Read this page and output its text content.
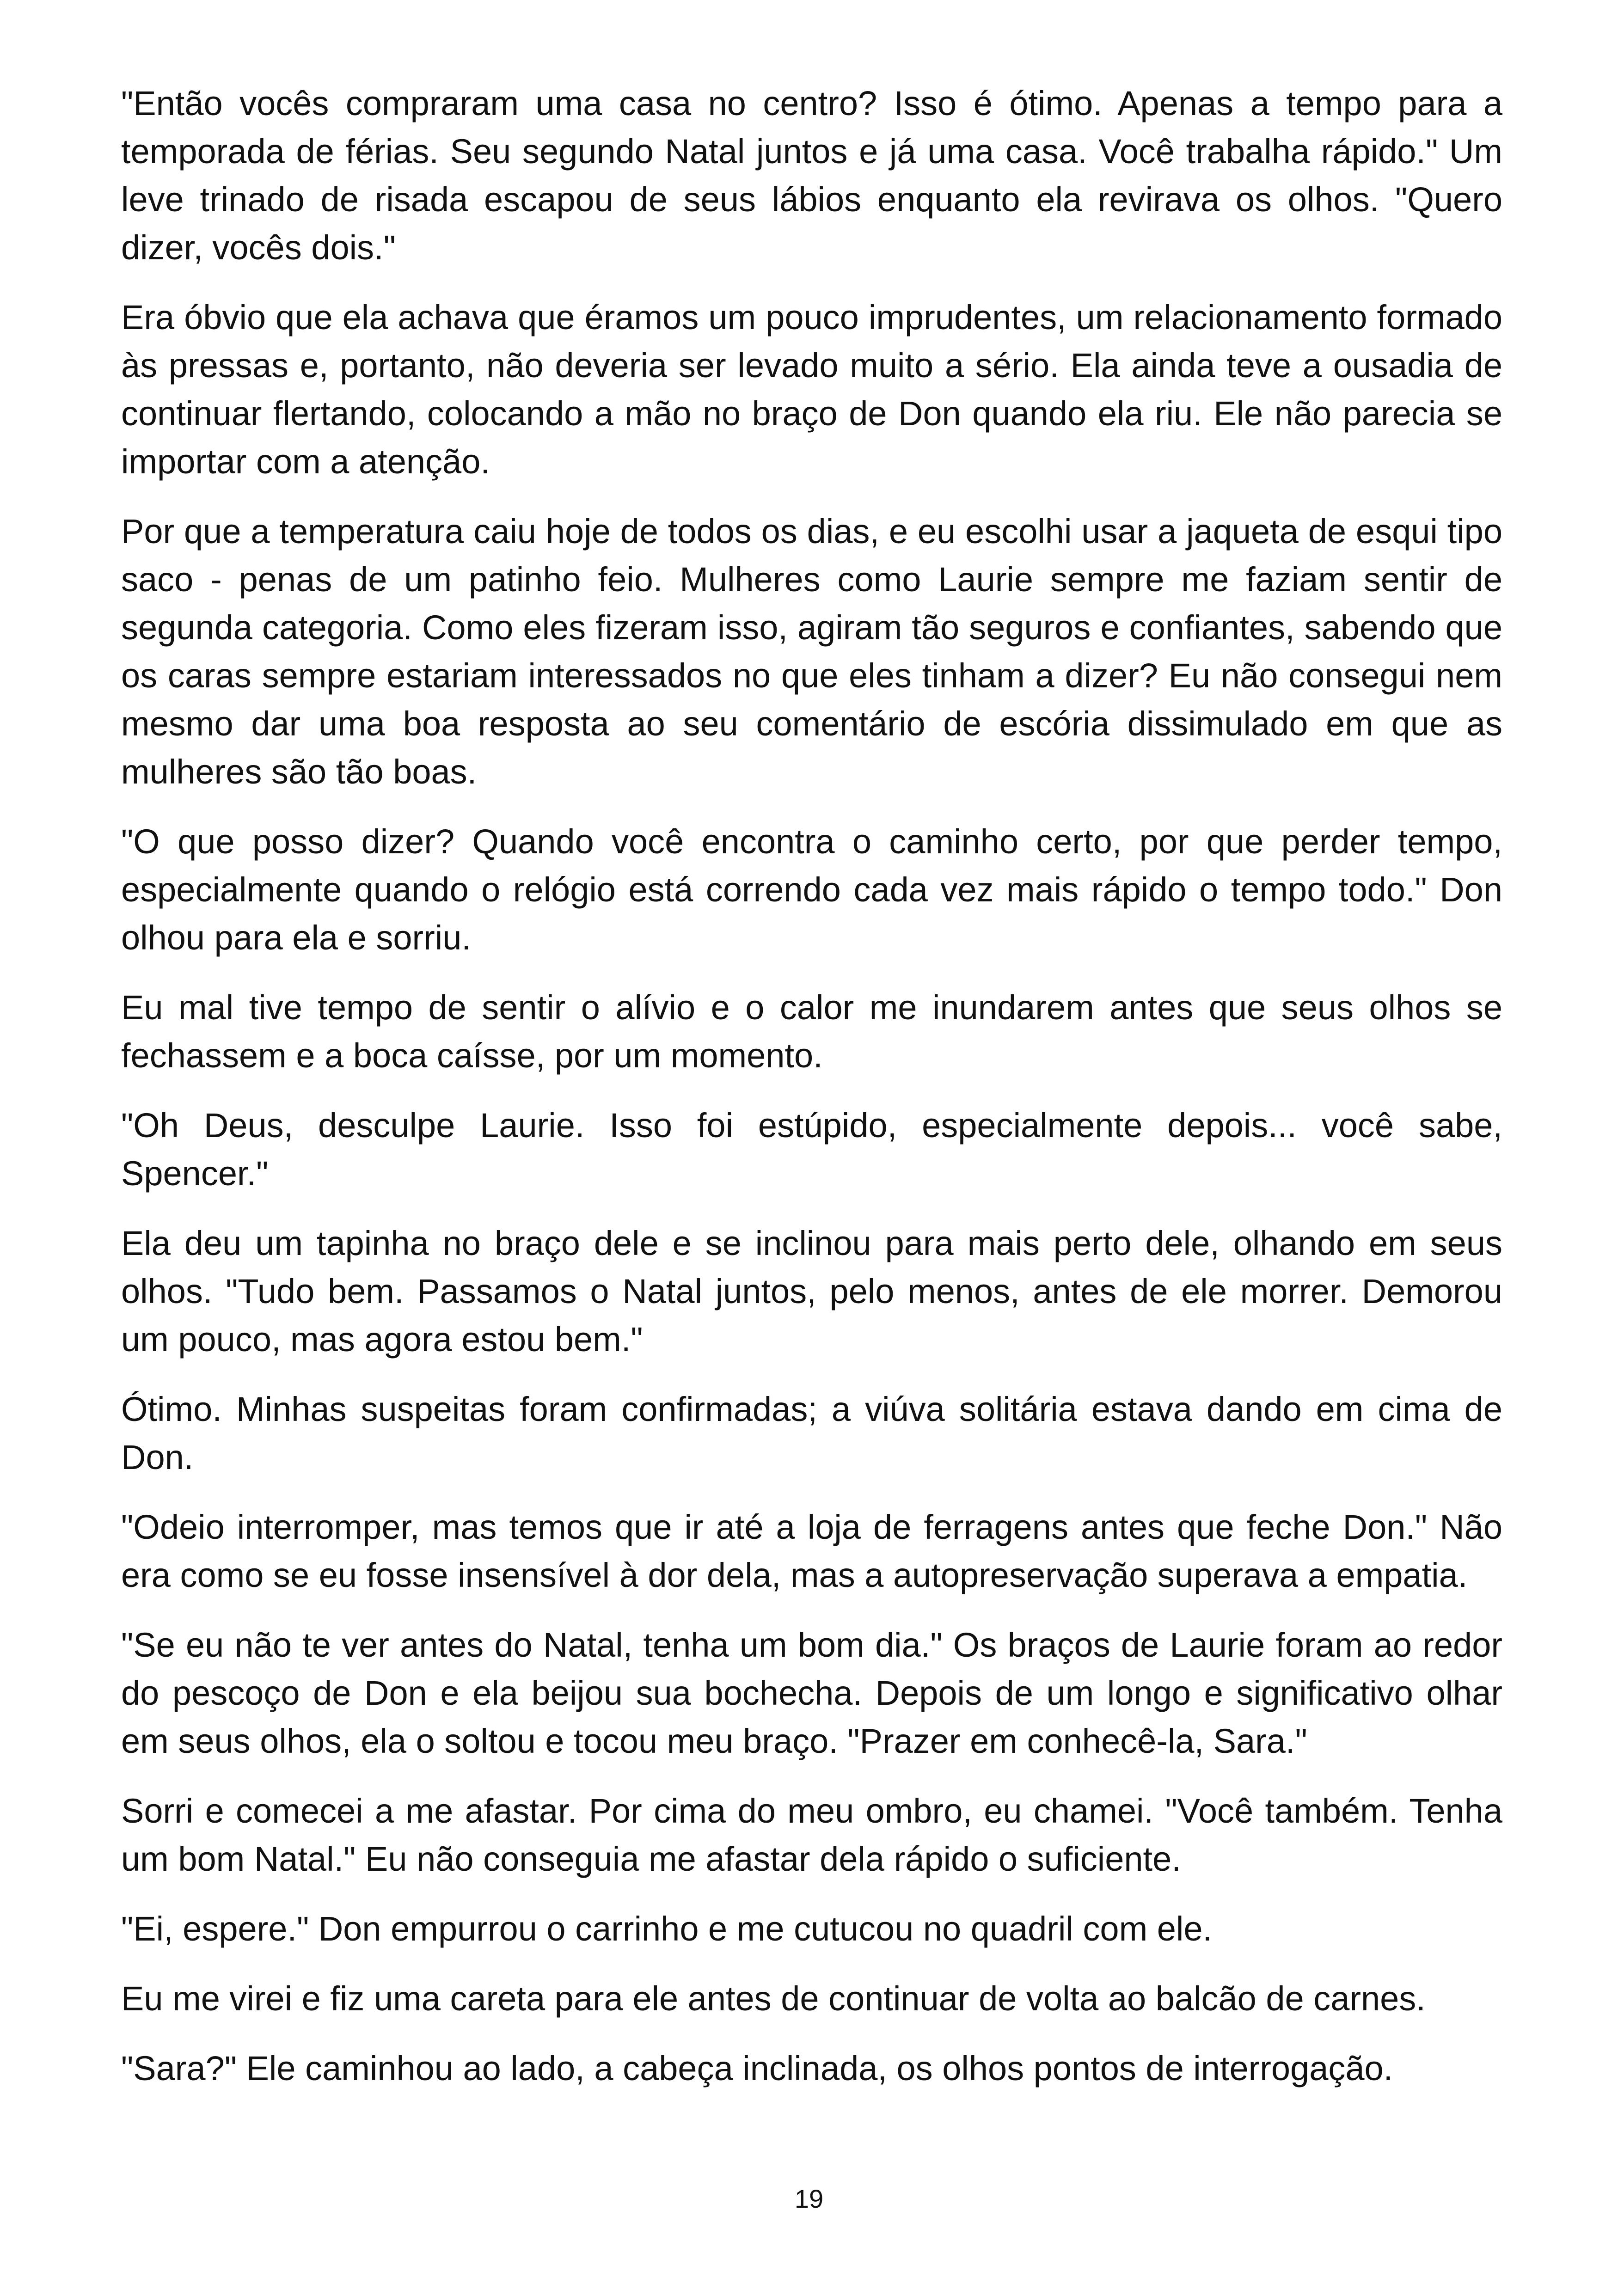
"Então vocês compraram uma casa no centro? Isso é ótimo. Apenas a tempo para a temporada de férias. Seu segundo Natal juntos e já uma casa. Você trabalha rápido." Um leve trinado de risada escapou de seus lábios enquanto ela revirava os olhos. "Quero dizer, vocês dois."

Era óbvio que ela achava que éramos um pouco imprudentes, um relacionamento formado às pressas e, portanto, não deveria ser levado muito a sério. Ela ainda teve a ousadia de continuar flertando, colocando a mão no braço de Don quando ela riu. Ele não parecia se importar com a atenção.

Por que a temperatura caiu hoje de todos os dias, e eu escolhi usar a jaqueta de esqui tipo saco - penas de um patinho feio. Mulheres como Laurie sempre me faziam sentir de segunda categoria. Como eles fizeram isso, agiram tão seguros e confiantes, sabendo que os caras sempre estariam interessados no que eles tinham a dizer? Eu não consegui nem mesmo dar uma boa resposta ao seu comentário de escória dissimulado em que as mulheres são tão boas.

"O que posso dizer? Quando você encontra o caminho certo, por que perder tempo, especialmente quando o relógio está correndo cada vez mais rápido o tempo todo." Don olhou para ela e sorriu.

Eu mal tive tempo de sentir o alívio e o calor me inundarem antes que seus olhos se fechassem e a boca caísse, por um momento.

"Oh Deus, desculpe Laurie. Isso foi estúpido, especialmente depois... você sabe, Spencer."

Ela deu um tapinha no braço dele e se inclinou para mais perto dele, olhando em seus olhos. "Tudo bem. Passamos o Natal juntos, pelo menos, antes de ele morrer. Demorou um pouco, mas agora estou bem."

Ótimo. Minhas suspeitas foram confirmadas; a viúva solitária estava dando em cima de Don.

"Odeio interromper, mas temos que ir até a loja de ferragens antes que feche Don." Não era como se eu fosse insensível à dor dela, mas a autopreservação superava a empatia.

"Se eu não te ver antes do Natal, tenha um bom dia." Os braços de Laurie foram ao redor do pescoço de Don e ela beijou sua bochecha. Depois de um longo e significativo olhar em seus olhos, ela o soltou e tocou meu braço. "Prazer em conhecê-la, Sara."

Sorri e comecei a me afastar. Por cima do meu ombro, eu chamei. "Você também. Tenha um bom Natal." Eu não conseguia me afastar dela rápido o suficiente.

"Ei, espere." Don empurrou o carrinho e me cutucou no quadril com ele.

Eu me virei e fiz uma careta para ele antes de continuar de volta ao balcão de carnes.

"Sara?" Ele caminhou ao lado, a cabeça inclinada, os olhos pontos de interrogação.

19
